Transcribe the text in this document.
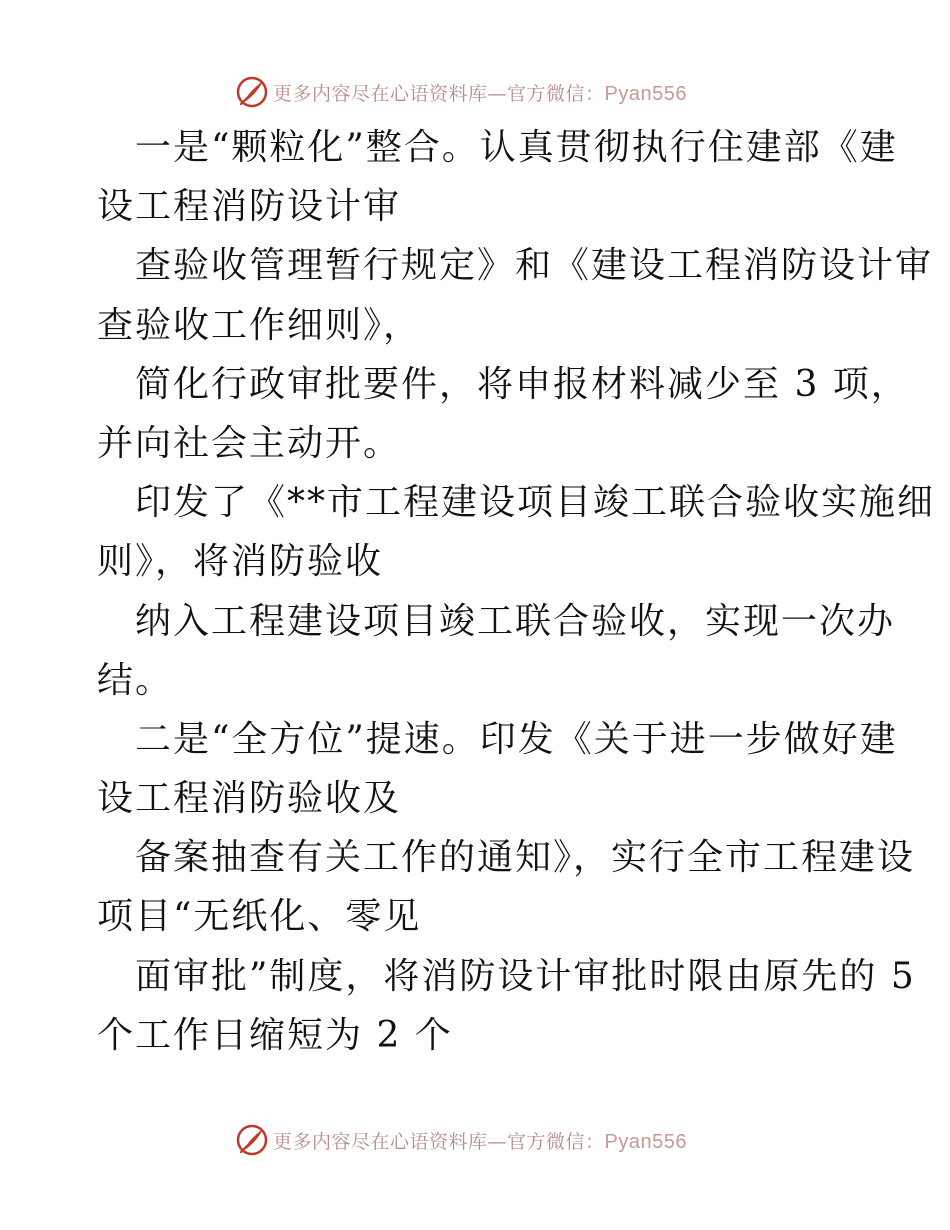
更多内容尽在心语资料库—官方微信：Pyan556
一是“颗粒化”整合。认真贯彻执行住建部《建
设工程消防设计审
查验收管理暂行规定》和《建设工程消防设计审
查验收工作细则》，
简化行政审批要件，将申报材料减少至 3 项，
并向社会主动开。
印发了《**市工程建设项目竣工联合验收实施细
则》，将消防验收
纳入工程建设项目竣工联合验收，实现一次办
结。
二是“全方位”提速。印发《关于进一步做好建
设工程消防验收及
备案抽查有关工作的通知》，实行全市工程建设
项目“无纸化、零见
面审批”制度，将消防设计审批时限由原先的 5
个工作日缩短为 2 个
更多内容尽在心语资料库—官方微信：Pyan556
